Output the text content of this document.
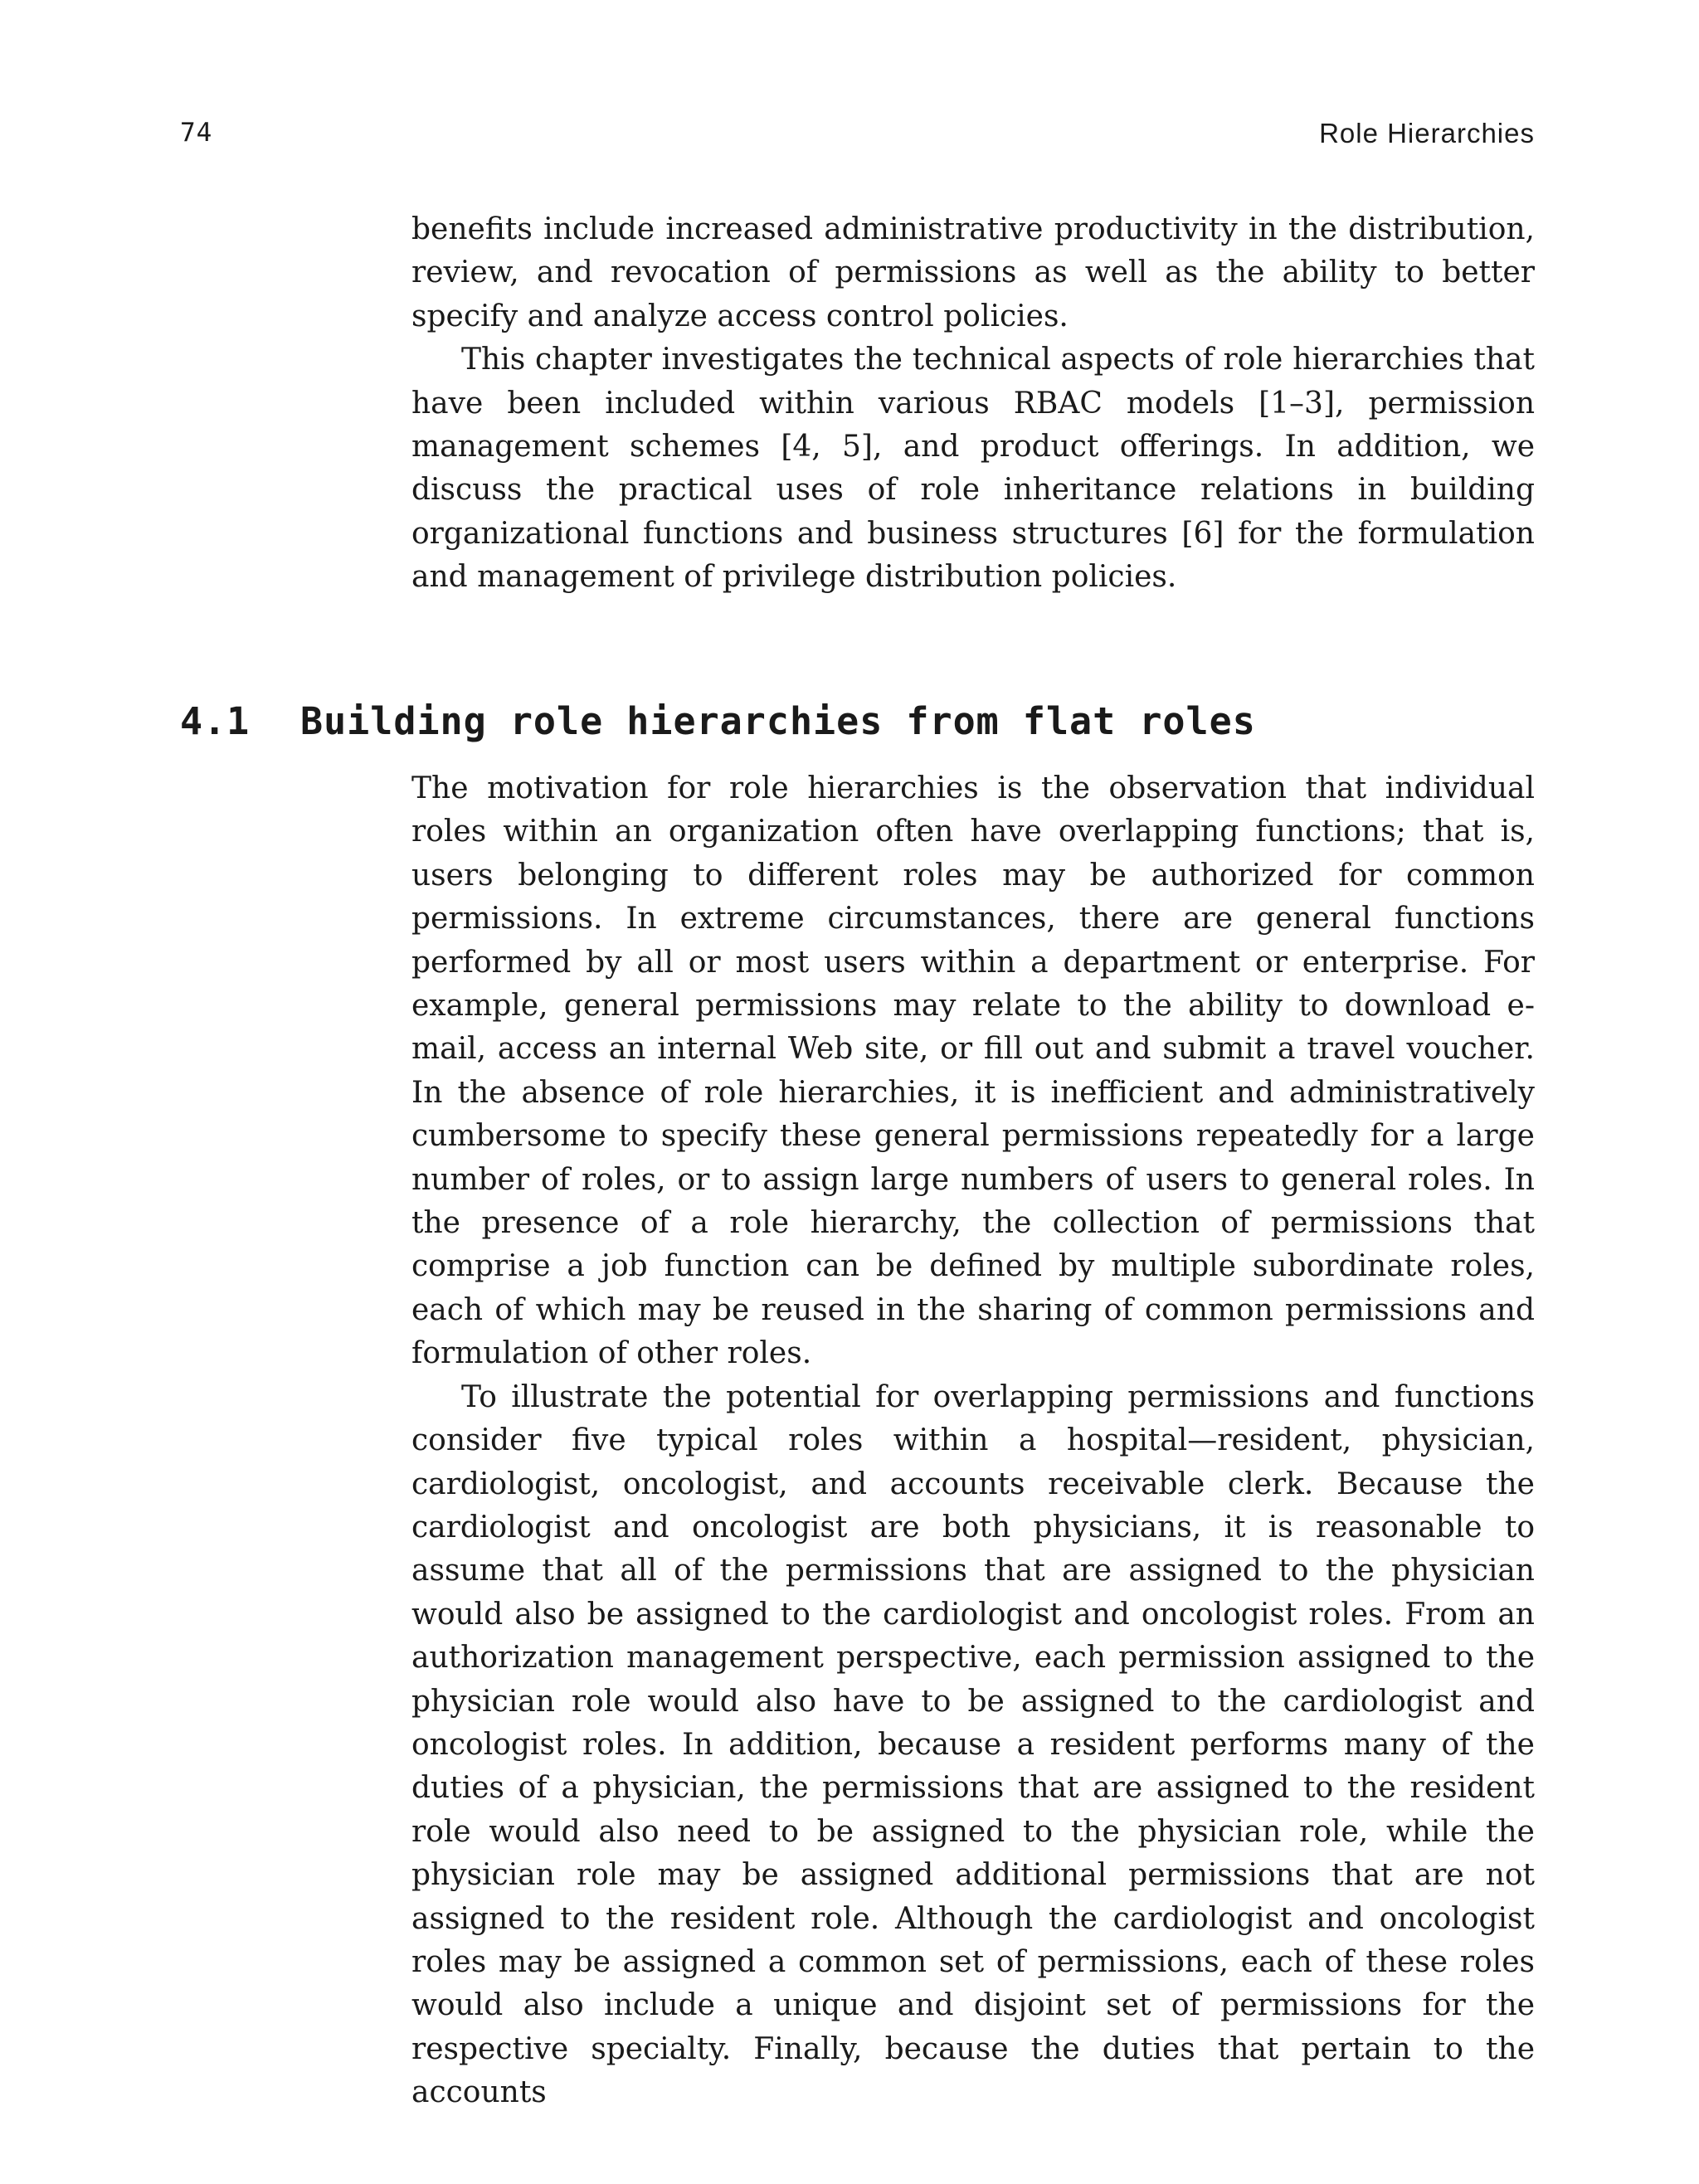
74	Role Hierarchies

benefits include increased administrative productivity in the distribution, review, and revocation of permissions as well as the ability to better specify and analyze access control policies.

This chapter investigates the technical aspects of role hierarchies that have been included within various RBAC models [1–3], permission management schemes [4, 5], and product offerings. In addition, we discuss the practical uses of role inheritance relations in building organizational functions and business structures [6] for the formulation and management of privilege distribution policies.

4.1 Building role hierarchies from flat roles

The motivation for role hierarchies is the observation that individual roles within an organization often have overlapping functions; that is, users belonging to different roles may be authorized for common permissions. In extreme circumstances, there are general functions performed by all or most users within a department or enterprise. For example, general permissions may relate to the ability to download e-mail, access an internal Web site, or fill out and submit a travel voucher. In the absence of role hierarchies, it is inefficient and administratively cumbersome to specify these general permissions repeatedly for a large number of roles, or to assign large numbers of users to general roles. In the presence of a role hierarchy, the collection of permissions that comprise a job function can be defined by multiple subordinate roles, each of which may be reused in the sharing of common permissions and formulation of other roles.

To illustrate the potential for overlapping permissions and functions consider five typical roles within a hospital—resident, physician, cardiologist, oncologist, and accounts receivable clerk. Because the cardiologist and oncologist are both physicians, it is reasonable to assume that all of the permissions that are assigned to the physician would also be assigned to the cardiologist and oncologist roles. From an authorization management perspective, each permission assigned to the physician role would also have to be assigned to the cardiologist and oncologist roles. In addition, because a resident performs many of the duties of a physician, the permissions that are assigned to the resident role would also need to be assigned to the physician role, while the physician role may be assigned additional permissions that are not assigned to the resident role. Although the cardiologist and oncologist roles may be assigned a common set of permissions, each of these roles would also include a unique and disjoint set of permissions for the respective specialty. Finally, because the duties that pertain to the accounts
